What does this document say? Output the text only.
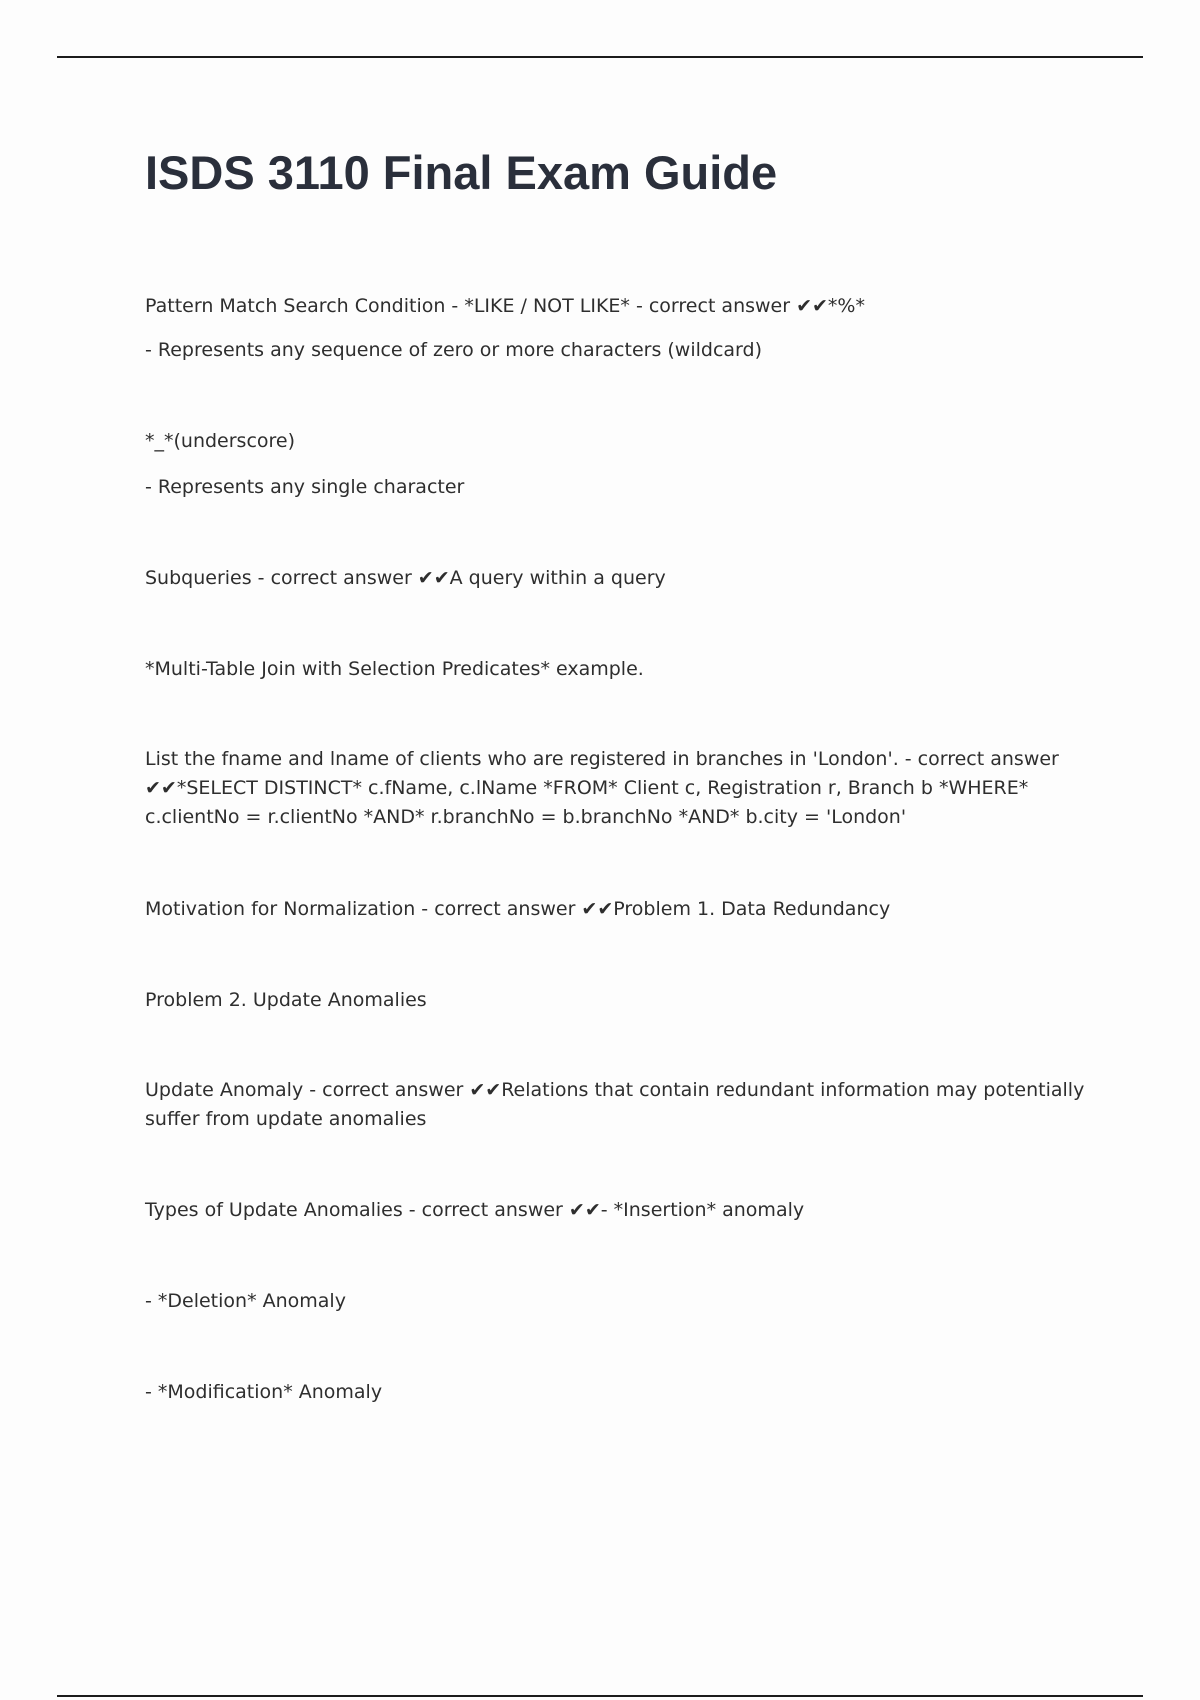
ISDS 3110 Final Exam Guide

Pattern Match Search Condition - *LIKE / NOT LIKE* - correct answer ✔✔*%*

- Represents any sequence of zero or more characters (wildcard)

*_*(underscore)

- Represents any single character

Subqueries - correct answer ✔✔A query within a query

*Multi-Table Join with Selection Predicates* example.

List the fname and lname of clients who are registered in branches in 'London'. - correct answer ✔✔*SELECT DISTINCT* c.fName, c.lName *FROM* Client c, Registration r, Branch b *WHERE* c.clientNo = r.clientNo *AND* r.branchNo = b.branchNo *AND* b.city = 'London'

Motivation for Normalization - correct answer ✔✔Problem 1. Data Redundancy

Problem 2. Update Anomalies

Update Anomaly - correct answer ✔✔Relations that contain redundant information may potentially suffer from update anomalies

Types of Update Anomalies - correct answer ✔✔- *Insertion* anomaly

- *Deletion* Anomaly

- *Modification* Anomaly
